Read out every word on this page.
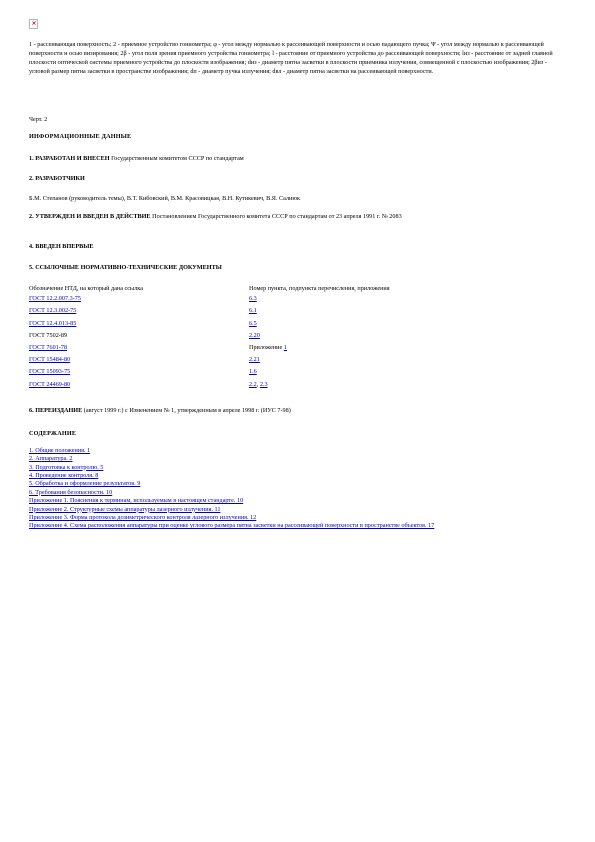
×

1 - рассеивающая поверхность; 2 - приемное устройство гониометра; φ - угол между нормалью к рассеивающей поверхности и осью падающего пучка; Ψ - угол между нормалью к рассеивающей поверхности и осью визирования; 2β - угол поля зрения приемного устройства гониометра; l - расстояние от приемного устройства до рассеивающей поверхности; lиз - расстояние от задней главной плоскости оптической системы приемного устройства до плоскости изображения; dиз - диаметр пятна засветки в плоскости приемника излучения, совмещенной с плоскостью изображения; 2βиз - угловой размер пятна засветки в пространстве изображения; dп - диаметр пучка излучения; dвл - диаметр пятна засветки на рассеивающей поверхности.

Черт. 2

ИНФОРМАЦИОННЫЕ ДАННЫЕ

1. РАЗРАБОТАН И ВНЕСЕН Государственным комитетом СССР по стандартам

2. РАЗРАБОТЧИКИ

Б.М. Степанов (руководитель темы), В.Т. Кибовский, В.М. Красовицкая, В.Н. Кутикевич, В.Я. Салиюк

2. УТВЕРЖДЕН И ВВЕДЕН В ДЕЙСТВИЕ Постановлением Государственного комитета СССР по стандартам от 23 апреля 1991 г. № 2083

4. ВВЕДЕН ВПЕРВЫЕ

5. ССЫЛОЧНЫЕ НОРМАТИВНО-ТЕХНИЧЕСКИЕ ДОКУМЕНТЫ

Обозначение НТД, на который дана ссылка	Номер пункта, подпункта перечисления, приложения
ГОСТ 12.2.007.3-75	6.3
ГОСТ 12.3.002-75	6.1
ГОСТ 12.4.013-85	6.5
ГОСТ 7502-89	2.20
ГОСТ 7601-78	Приложение 1
ГОСТ 15484-80	2.21
ГОСТ 15093-75	1.6
ГОСТ 24469-80	2.2, 2.3

6. ПЕРЕИЗДАНИЕ (август 1999 г.) с Изменением № 1, утвержденным в апреле 1998 г. (ИУС 7-98)

СОДЕРЖАНИЕ

1. Общие положения. 1
2. Аппаратура. 2
3. Подготовка к контролю. 5
4. Проведение контроля. 8
5. Обработка и оформление результатов. 9
6. Требования безопасности. 10
Приложение 1. Пояснения к терминам, используемым в настоящем стандарте. 10
Приложение 2. Структурные схемы аппаратуры лазерного излучения. 11
Приложение 3. Форма протокола дозиметрического контроля лазерного излучения. 12
Приложение 4. Схема расположения аппаратуры при оценке углового размера пятна засветки на рассеивающей поверхности в пространстве объектов. 17
